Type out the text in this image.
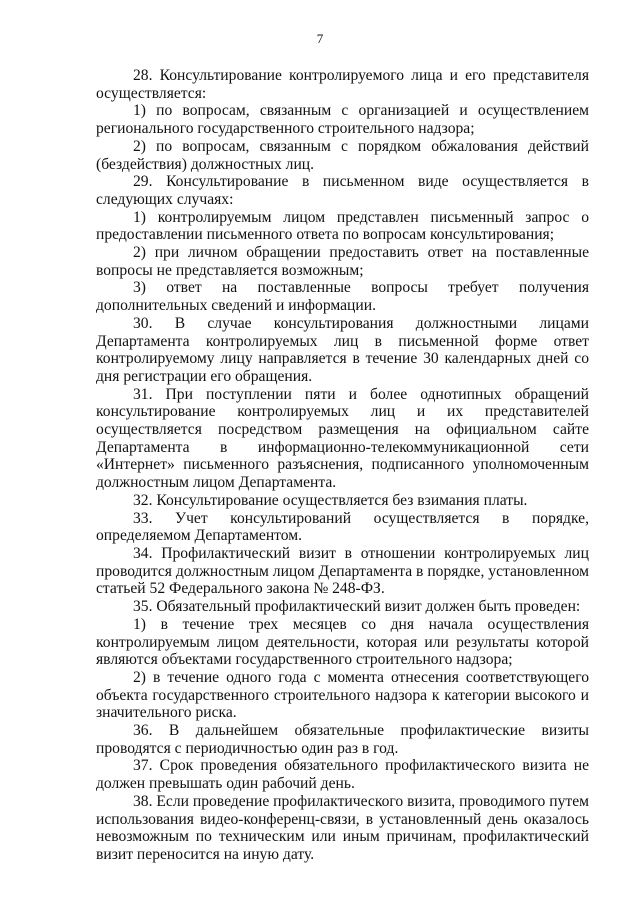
7

28. Консультирование контролируемого лица и его представителя осуществляется:

1) по вопросам, связанным с организацией и осуществлением регионального государственного строительного надзора;

2) по вопросам, связанным с порядком обжалования действий (бездействия) должностных лиц.

29. Консультирование в письменном виде осуществляется в следующих случаях:

1) контролируемым лицом представлен письменный запрос о предоставлении письменного ответа по вопросам консультирования;

2) при личном обращении предоставить ответ на поставленные вопросы не представляется возможным;

3) ответ на поставленные вопросы требует получения дополнительных сведений и информации.

30. В случае консультирования должностными лицами Департамента контролируемых лиц в письменной форме ответ контролируемому лицу направляется в течение 30 календарных дней со дня регистрации его обращения.

31. При поступлении пяти и более однотипных обращений консультирование контролируемых лиц и их представителей осуществляется посредством размещения на официальном сайте Департамента в информационно-телекоммуникационной сети «Интернет» письменного разъяснения, подписанного уполномоченным должностным лицом Департамента.

32. Консультирование осуществляется без взимания платы.

33. Учет консультирований осуществляется в порядке, определяемом Департаментом.

34. Профилактический визит в отношении контролируемых лиц проводится должностным лицом Департамента в порядке, установленном статьей 52 Федерального закона № 248-ФЗ.

35. Обязательный профилактический визит должен быть проведен:

1) в течение трех месяцев со дня начала осуществления контролируемым лицом деятельности, которая или результаты которой являются объектами государственного строительного надзора;

2) в течение одного года с момента отнесения соответствующего объекта государственного строительного надзора к категории высокого и значительного риска.

36. В дальнейшем обязательные профилактические визиты проводятся с периодичностью один раз в год.

37. Срок проведения обязательного профилактического визита не должен превышать один рабочий день.

38. Если проведение профилактического визита, проводимого путем использования видео-конференц-связи, в установленный день оказалось невозможным по техническим или иным причинам, профилактический визит переносится на иную дату.
